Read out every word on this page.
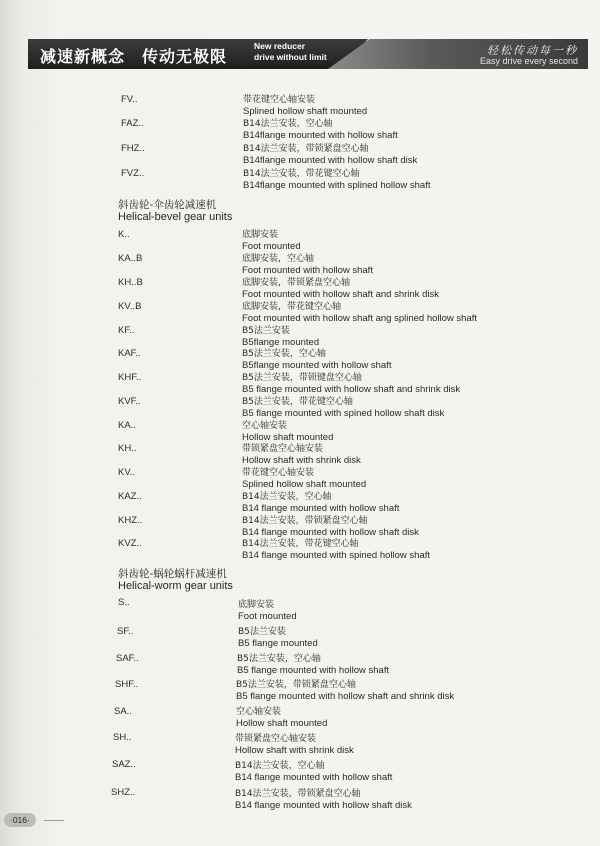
减速新概念　传动无极限
New reducer
drive without limit	轻松传动每一秒
Easy drive every second
FV..	带花键空心轴安装
Splined hollow shaft mounted
FAZ..	B14法兰安装，空心轴
B14flange mounted with hollow shaft
FHZ..	B14法兰安装，带锁紧盘空心轴
B14flange mounted with hollow shaft disk
FVZ..	B14法兰安装，带花键空心轴
B14flange mounted with splined hollow shaft
斜齿轮-伞齿轮减速机
Helical-bevel gear units
K..	底脚安装
Foot mounted
KA..B	底脚安装，空心轴
Foot mounted with hollow shaft
KH..B	底脚安装，带锁紧盘空心轴
Foot mounted with hollow shaft and shrink disk
KV..B	底脚安装，带花键空心轴
Foot mounted with hollow shaft ang splined hollow shaft
KF..	B5法兰安装
B5flange mounted
KAF..	B5法兰安装，空心轴
B5flange mounted with hollow shaft
KHF..	B5法兰安装，带锁键盘空心轴
B5 flange mounted with hollow shaft and shrink disk
KVF..	B5法兰安装，带花键空心轴
B5 flange mounted with spined hollow shaft disk
KA..	空心轴安装
Hollow shaft mounted
KH..	带锁紧盘空心轴安装
Hollow shaft with shrink disk
KV..	带花键空心轴安装
Splined hollow shaft mounted
KAZ..	B14法兰安装，空心轴
B14 flange mounted with hollow shaft
KHZ..	B14法兰安装，带锁紧盘空心轴
B14 flange mounted with hollow shaft disk
KVZ..	B14法兰安装，带花键空心轴
B14 flange mounted with spined hollow shaft
斜齿轮-蜗轮蜗杆减速机
Helical-worm gear units
S..	底脚安装
Foot mounted
SF..	B5法兰安装
B5 flange mounted
SAF..	B5法兰安装，空心轴
B5 flange mounted with hollow shaft
SHF..	B5法兰安装，带锁紧盘空心轴
B5 flange mounted with hollow shaft and shrink disk
SA..	空心轴安装
Hollow shaft mounted
SH..	带锁紧盘空心轴安装
Hollow shaft with shrink disk
SAZ..	B14法兰安装，空心轴
B14 flange mounted with hollow shaft
SHZ..	B14法兰安装，带锁紧盘空心轴
B14 flange mounted with hollow shaft disk
·016·
